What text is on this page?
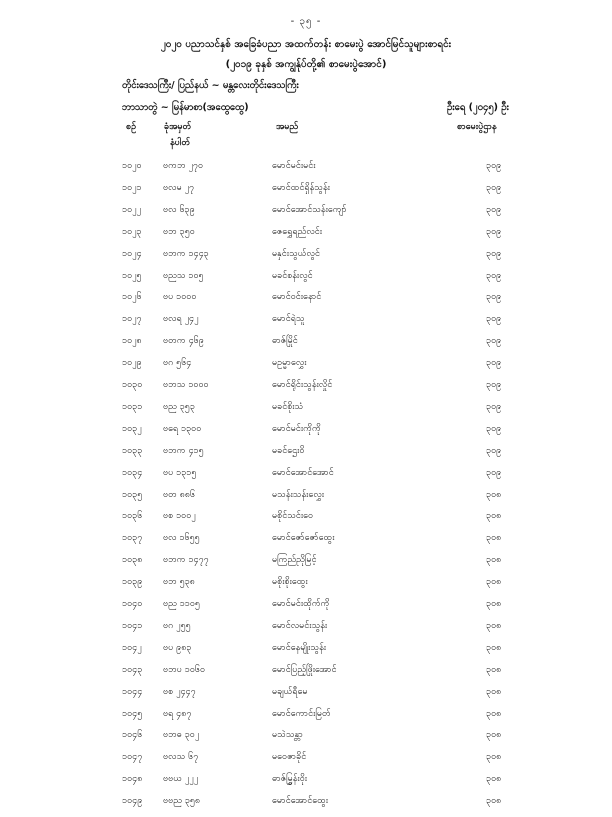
- ၃၅ -
၂၀၂၀ ပညာသင်နှစ် အခြေခံပညာ အထက်တန်း စာမေးပွဲ အောင်မြင်သူများစာရင်း
(၂၀၁၉ ခုနှစ် အကျွန်ုပ်တို့၏ စာမေးပွဲအောင်)
တိုင်းဒေသကြီး/ ပြည်နယ် ~ မန္တလေးတိုင်းဒေသကြီး
ဘာသာတွဲ ~ မြန်မာစာ(အထွေထွေ)	ဦးရေ (၂၀၄၅) ဦး
စဉ်	ခုံအမှတ်
နံပါတ်
အမည်	စာမေးပွဲဌာန
၁၀၂၀ ဗကဘ ၂၇၀	မောင်မင်းမင်း	၃၀၉
၁၀၂၁ ဗလမ ၂၇	မောင်ထင်ရှိန်သွန်း	၃၀၉
၁၀၂၂ ဗလ ၆၃၉	မောင်အောင်သန်းကျော်	၃၀၉
၁၀၂၃ ဗဘ ၃၅၀	ဇေရွှေရည်လင်း	၃၀၉
၁၀၂၄ ဗဘက ၁၄၄၃	မနှင်းသွယ်လွင်	၃၀၉
၁၀၂၅ ဗညသ ၁၀၅	မခင်စန်းလွင်	၃၀၉
၁၀၂၆ ဗပ ၁၀၀၀	မောင်ဝင်းနောင်	၃၀၉
၁၀၂၇ ဗလရ ၂၄၂	မောင်ရဲသူ	၃၀၉
၁၀၂၈ ဗတက ၄၆၉	ဓာဇ်မြိုင်	၃၀၉
၁၀၂၉ ဗဂ ၅၆၄	မဥမ္မာလွှေး	၃၀၉
၁၀၃၀ ဗဘသ ၁၀၀၀	မောင်ရိုင်းသွန်းလှိုင်	၃၀၉
၁၀၃၁ ဗည ၃၅၃	မခင်စိုးသံ	၃၀၉
၁၀၃၂ ဗရေ ၁၃၀၀	မောင်မင်းကိုကို	၃၀၉
၁၀၃၃ ဗဘက ၄၁၅	မခင်ဌေးဝိ	၃၀၉
၁၀၃၄ ဗပ ၁၃၁၅	မောင်အောင်အောင်	၃၀၉
၁၀၃၅ ဗတ ၈၈၆	မသန်းသန်းလွှေး	၃၀၈
၁၀၃၆ ဗစ ၁၀၀၂	မစိုင်သင်းဝေ	၃၀၈
၁၀၃၇ ဗလ ၁၆၅၅	မောင်ဇော်ဇော်ထွေး	၃၀၈
၁၀၃၈ ဗဘက ၁၄၇၇	မကြည်ညိုမြင့်	၃၀၈
၁၀၃၉ ဗဘ ၅၃၈	မစိုးစိုးထွေး	၃၀၈
၁၀၄၀ ဗည ၁၁၀၅	မောင်မင်းထိုက်ကို	၃၀၈
၁၀၄၁ ဗဂ ၂၅၅	မောင်လမင်းသွန်း	၃၀၈
၁၀၄၂ ဗပ ၉၈၃	မောင်နေမျိုးသွန်း	၃၀၈
၁၀၄၃ ဗဘပ ၁၀၆၀	မောင်ပြည့်ဖြိုးအောင်	၃၀၈
၁၀၄၄ ဗစ ၂၄၄၇	မချယ်ရီမေ	၃၀၈
၁၀၄၅ ဗရ ၄၈၇	မောင်ကောင်းမြတ်	၃၀၈
၁၀၄၆ ဗဘဓ ၃၀၂	မသဲသန္တာ	၃၀၈
၁၀၄၇ ဗလသ ၆၇	မဝေဇာခိုင်	၃၀၈
၁၀၄၈ ဗဗယ ၂၂၂	ဓာဇ်မြွှန်းဝိုး	၃၀၈
၁၀၄၉ ဗဗည ၃၅၈	မောင်အောင်ထွေး	၃၀၈
